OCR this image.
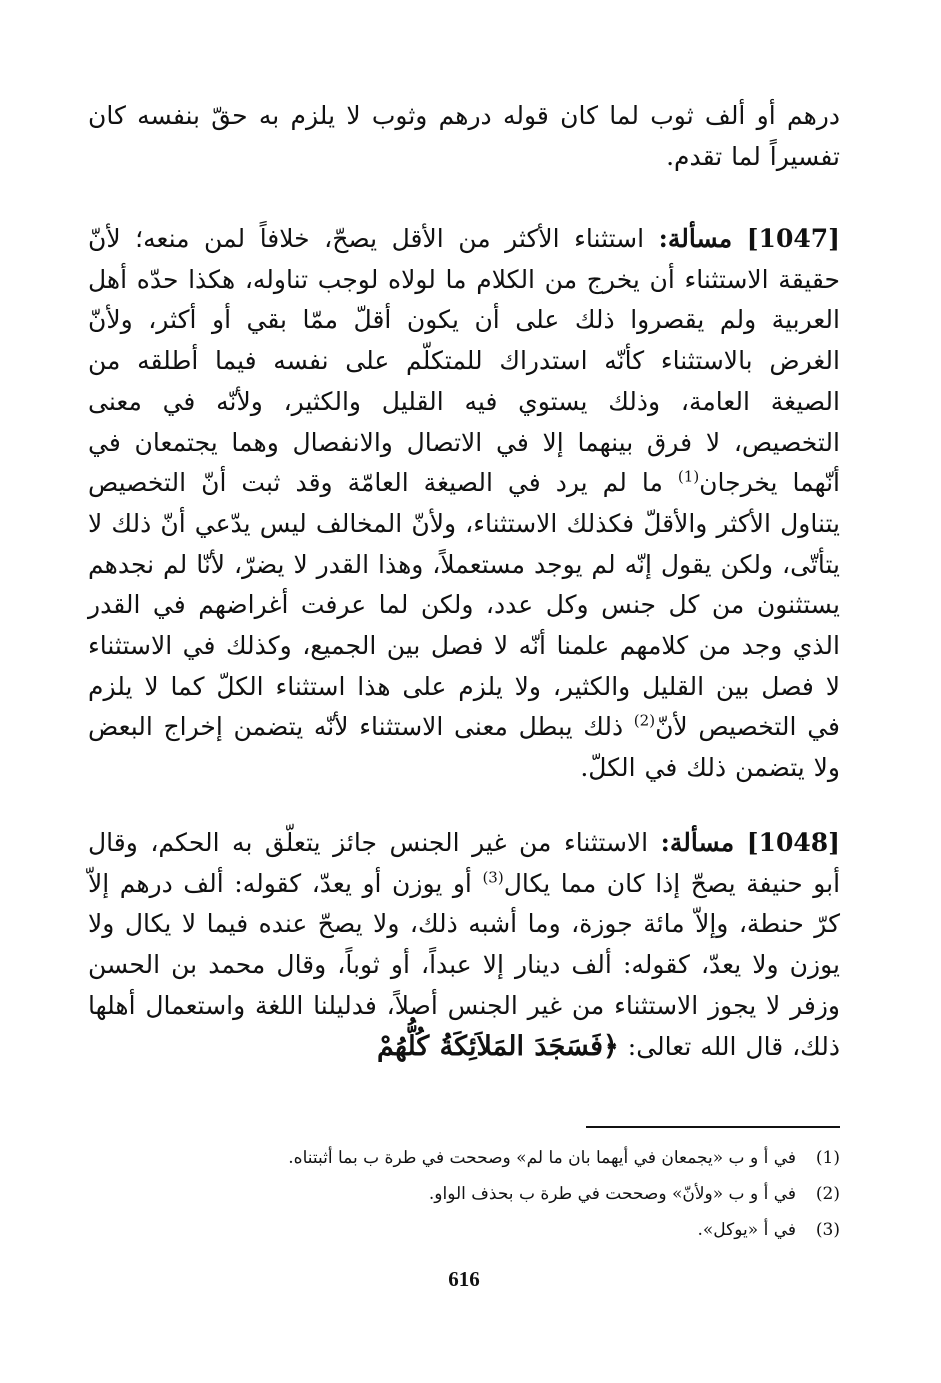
درهم أو ألف ثوب لما كان قوله درهم وثوب لا يلزم به حقّ بنفسه كان تفسيراً لما تقدم.

[1047] مسألة: استثناء الأكثر من الأقل يصحّ، خلافاً لمن منعه؛ لأنّ حقيقة الاستثناء أن يخرج من الكلام ما لولاه لوجب تناوله، هكذا حدّه أهل العربية ولم يقصروا ذلك على أن يكون أقلّ ممّا بقي أو أكثر، ولأنّ الغرض بالاستثناء كأنّه استدراك للمتكلّم على نفسه فيما أطلقه من الصيغة العامة، وذلك يستوي فيه القليل والكثير، ولأنّه في معنى التخصيص، لا فرق بينهما إلا في الاتصال والانفصال وهما يجتمعان في أنّهما يخرجان$^{(1)}$ ما لم يرد في الصيغة العامّة وقد ثبت أنّ التخصيص يتناول الأكثر والأقلّ فكذلك الاستثناء، ولأنّ المخالف ليس يدّعي أنّ ذلك لا يتأتّى، ولكن يقول إنّه لم يوجد مستعملاً، وهذا القدر لا يضرّ، لأنّا لم نجدهم يستثنون من كل جنس وكل عدد، ولكن لما عرفت أغراضهم في القدر الذي وجد من كلامهم علمنا أنّه لا فصل بين الجميع، وكذلك في الاستثناء لا فصل بين القليل والكثير، ولا يلزم على هذا استثناء الكلّ كما لا يلزم في التخصيص لأنّ$^{(2)}$ ذلك يبطل معنى الاستثناء لأنّه يتضمن إخراج البعض ولا يتضمن ذلك في الكلّ.

[1048] مسألة: الاستثناء من غير الجنس جائز يتعلّق به الحكم، وقال أبو حنيفة يصحّ إذا كان مما يكال$^{(3)}$ أو يوزن أو يعدّ، كقوله: ألف درهم إلاّ كرّ حنطة، وإلاّ مائة جوزة، وما أشبه ذلك، ولا يصحّ عنده فيما لا يكال ولا يوزن ولا يعدّ، كقوله: ألف دينار إلا عبداً، أو ثوباً، وقال محمد بن الحسن وزفر لا يجوز الاستثناء من غير الجنس أصلاً، فدليلنا اللغة واستعمال أهلها ذلك، قال الله تعالى: ﴿فَسَجَدَ المَلاَئِكَةُ كُلُّهُمْ

(1)
في أ و ب «يجمعان في أيهما بان ما لم» وصححت في طرة ب بما أثبتناه.
(2)
في أ و ب «ولأنّ» وصححت في طرة ب بحذف الواو.
(3)
في أ «يوكل».
616
